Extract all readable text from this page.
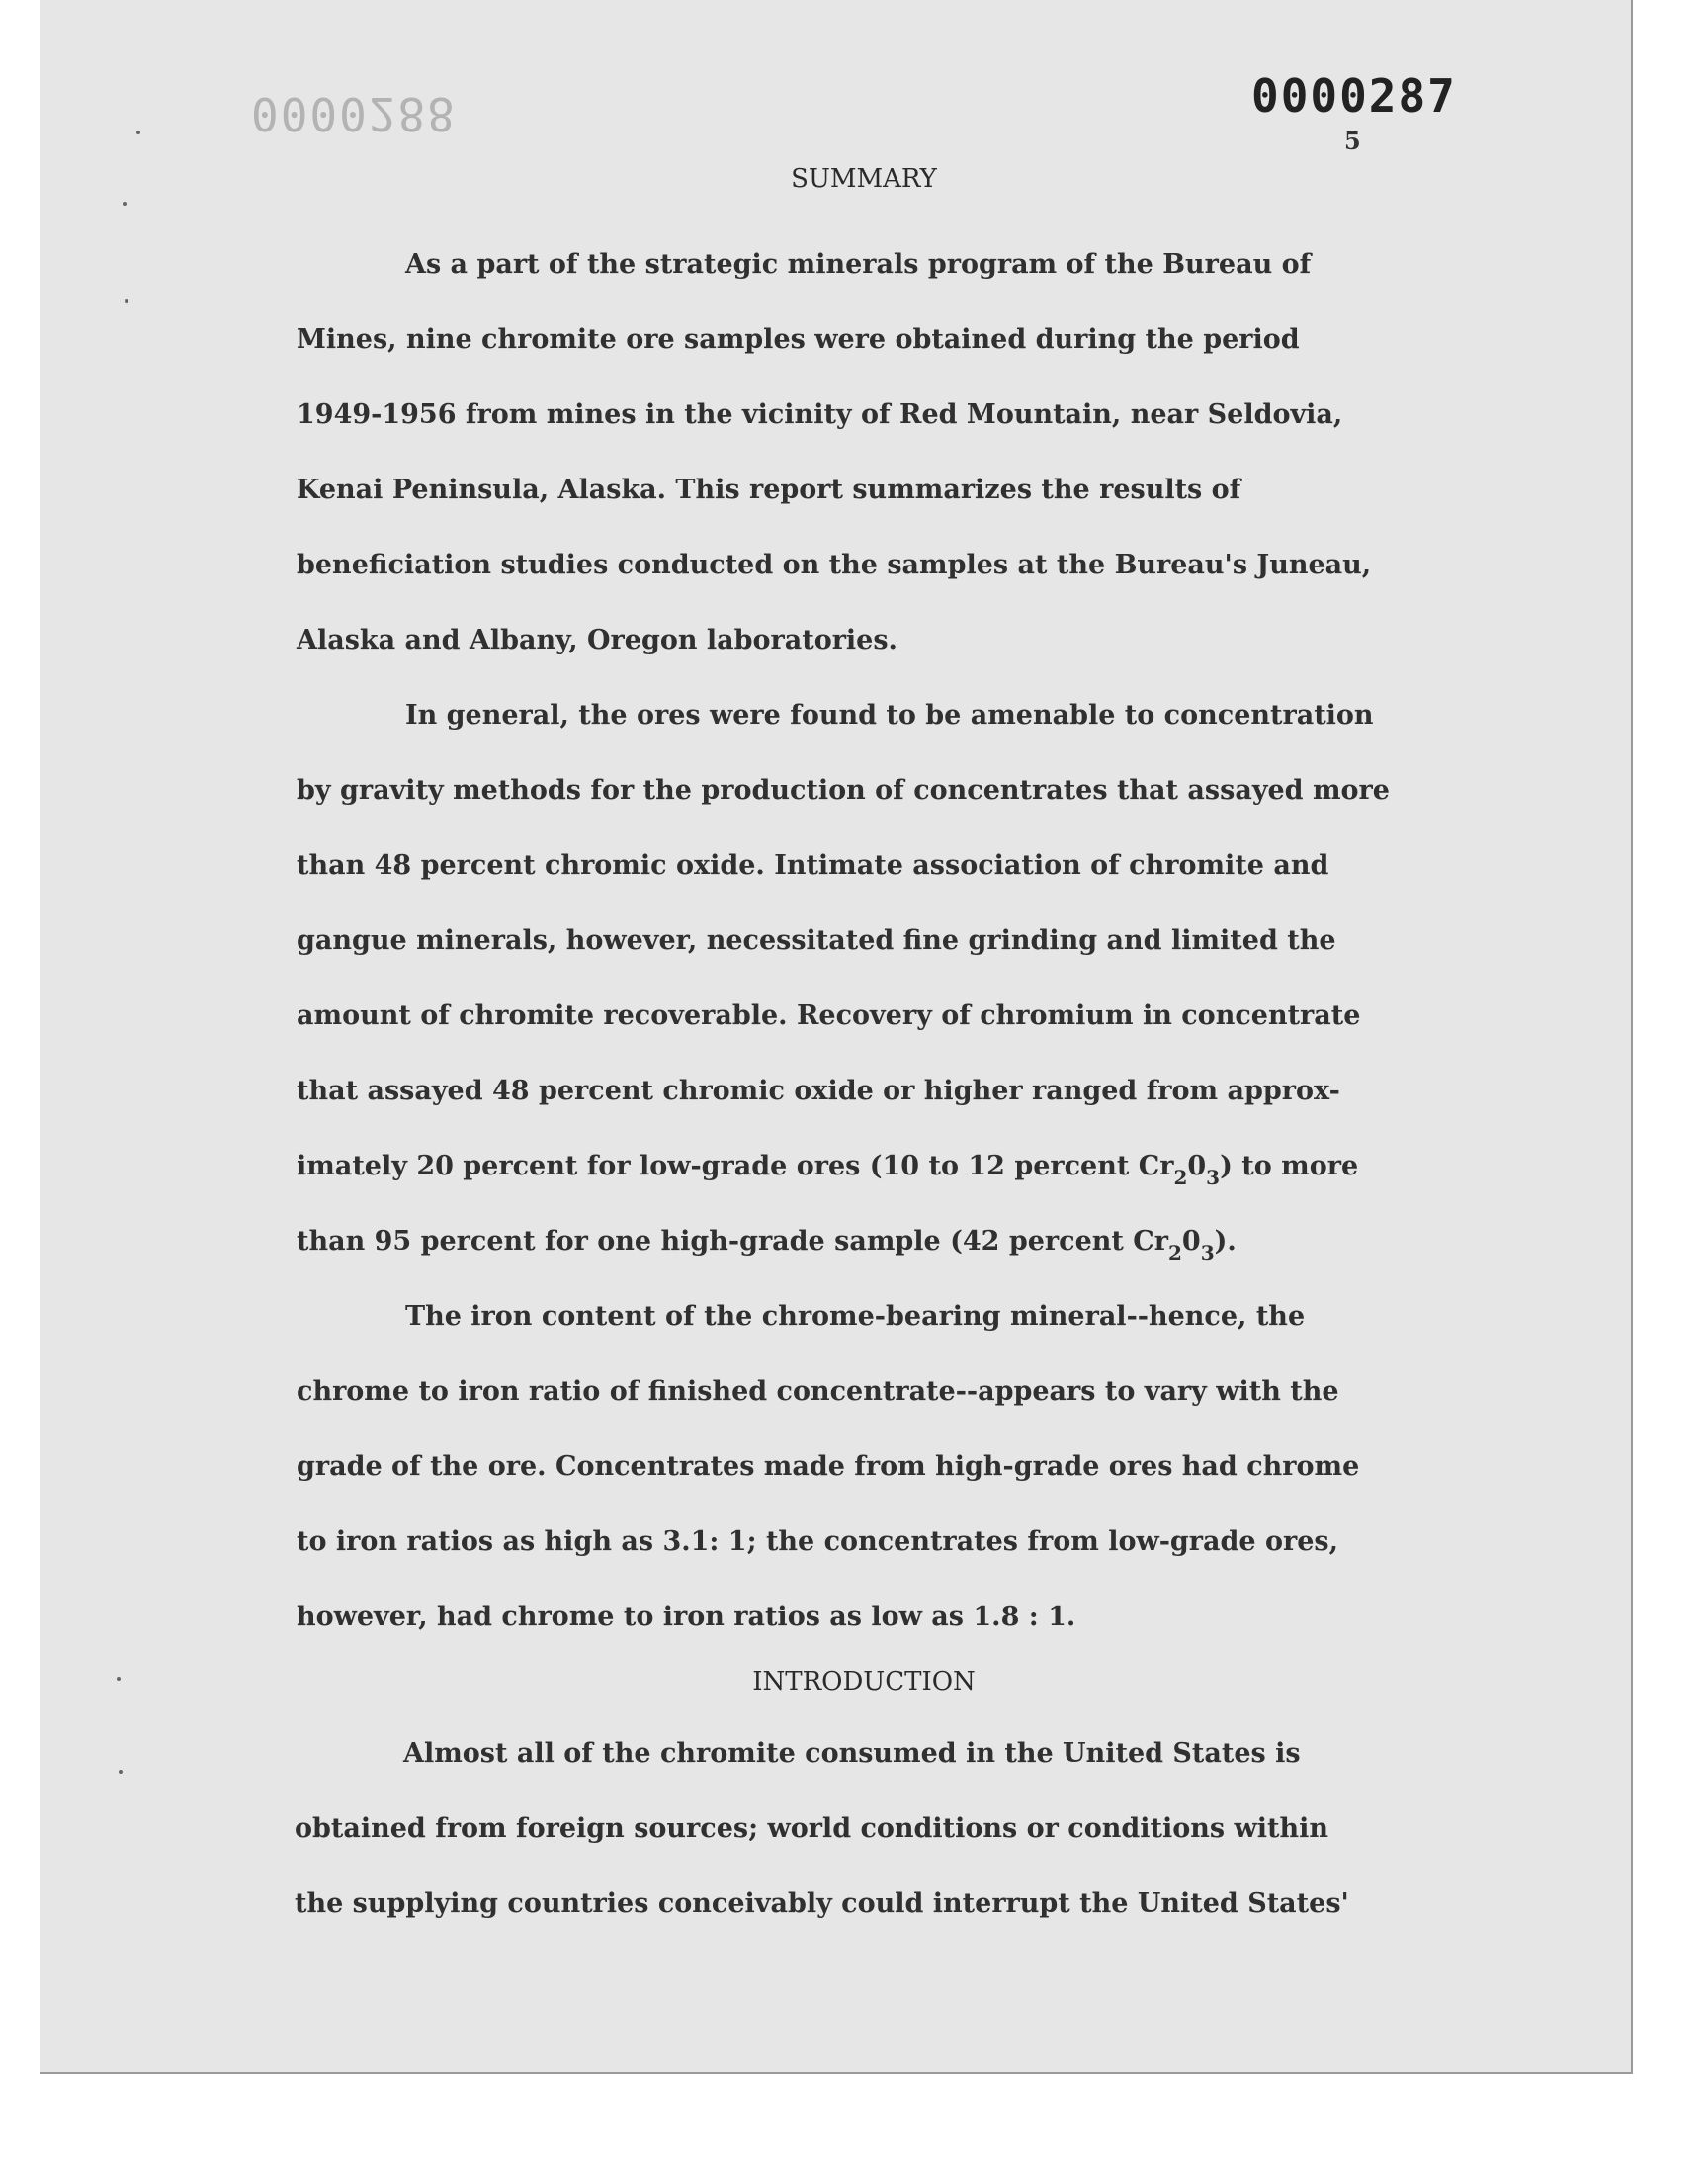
0000288	0000287
5
SUMMARY
As a part of the strategic minerals program of the Bureau of
Mines, nine chromite ore samples were obtained during the period
1949-1956 from mines in the vicinity of Red Mountain, near Seldovia,
Kenai Peninsula, Alaska. This report summarizes the results of
beneficiation studies conducted on the samples at the Bureau's Juneau,
Alaska and Albany, Oregon laboratories.
In general, the ores were found to be amenable to concentration
by gravity methods for the production of concentrates that assayed more
than 48 percent chromic oxide. Intimate association of chromite and
gangue minerals, however, necessitated fine grinding and limited the
amount of chromite recoverable. Recovery of chromium in concentrate
that assayed 48 percent chromic oxide or higher ranged from approx-
imately 20 percent for low-grade ores (10 to 12 percent $Cr_20_3$) to more
than 95 percent for one high-grade sample (42 percent $Cr_20_3$).
The iron content of the chrome-bearing mineral--hence, the
chrome to iron ratio of finished concentrate--appears to vary with the
grade of the ore. Concentrates made from high-grade ores had chrome
to iron ratios as high as 3.1: 1; the concentrates from low-grade ores,
however, had chrome to iron ratios as low as 1.8 : 1.
INTRODUCTION
Almost all of the chromite consumed in the United States is
obtained from foreign sources; world conditions or conditions within
the supplying countries conceivably could interrupt the United States'
